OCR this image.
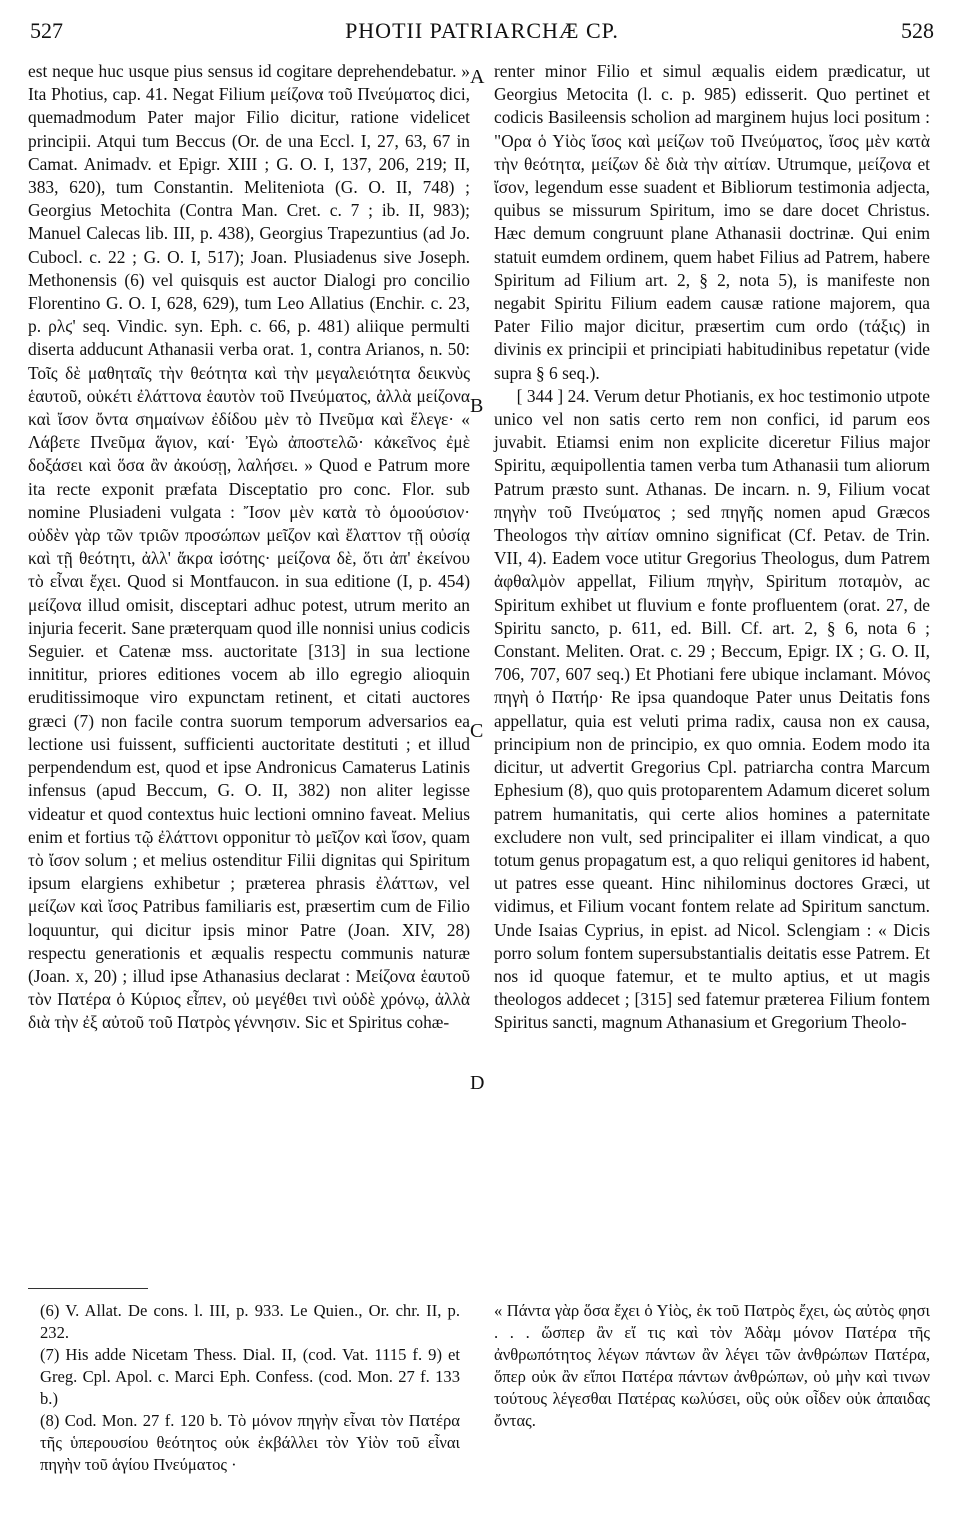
527	PHOTII PATRIARCHÆ CP.	528

est neque huc usque pius sensus id cogitare deprehendebatur. » Ita Photius, cap. 41. Negat Filium μείζονα τοῦ Πνεύματος dici, quemadmodum Pater major Filio dicitur, ratione videlicet principii. Atqui tum Beccus (Or. de una Eccl. I, 27, 63, 67 in Camat. Animadv. et Epigr. XIII ; G. O. I, 137, 206, 219; II, 383, 620), tum Constantin. Meliteniota (G. O. II, 748) ; Georgius Metochita (Contra Man. Cret. c. 7 ; ib. II, 983); Manuel Calecas lib. III, p. 438), Georgius Trapezuntius (ad Jo. Cubocl. c. 22 ; G. O. I, 517); Joan. Plusiadenus sive Joseph. Methonensis (6) vel quisquis est auctor Dialogi pro concilio Florentino G. O. I, 628, 629), tum Leo Allatius (Enchir. c. 23, p. ρλϛ' seq. Vindic. syn. Eph. c. 66, p. 481) aliique permulti diserta adducunt Athanasii verba orat. 1, contra Arianos, n. 50: Τοῖς δὲ μαθηταῖς τὴν θεότητα καὶ τὴν μεγαλειότητα δεικνὺς ἑαυτοῦ, οὐκέτι ἐλάττονα ἑαυτὸν τοῦ Πνεύματος, ἀλλὰ μείζονα καὶ ἴσον ὄντα σημαίνων ἐδίδου μὲν τὸ Πνεῦμα καὶ ἔλεγε· « Λάβετε Πνεῦμα ἅγιον, καί· Ἐγὼ ἀποστελῶ· κἀκεῖνος ἐμὲ δοξάσει καὶ ὅσα ἂν ἀκούσῃ, λαλήσει. » Quod e Patrum more ita recte exponit præfata Disceptatio pro conc. Flor. sub nomine Plusiadeni vulgata : Ἴσον μὲν κατὰ τὸ ὁμοούσιον· οὐδὲν γὰρ τῶν τριῶν προσώπων μεῖζον καὶ ἔλαττον τῇ οὐσίᾳ καὶ τῇ θεότητι, ἀλλ' ἄκρα ἰσότης· μείζονα δὲ, ὅτι ἀπ' ἐκείνου τὸ εἶναι ἔχει. Quod si Montfaucon. in sua editione (I, p. 454) μείζονα illud omisit, disceptari adhuc potest, utrum merito an injuria fecerit. Sane præterquam quod ille nonnisi unius codicis Seguier. et Catenæ mss. auctoritate [313] in sua lectione innititur, priores editiones vocem ab illo egregio alioquin eruditissimoque viro expunctam retinent, et citati auctores græci (7) non facile contra suorum temporum adversarios ea lectione usi fuissent, sufficienti auctoritate destituti ; et illud perpendendum est, quod et ipse Andronicus Camaterus Latinis infensus (apud Beccum, G. O. II, 382) non aliter legisse videatur et quod contextus huic lectioni omnino faveat. Melius enim et fortius τῷ ἐλάττονι opponitur τὸ μεῖζον καὶ ἴσον, quam τὸ ἴσον solum ; et melius ostenditur Filii dignitas qui Spiritum ipsum elargiens exhibetur ; præterea phrasis ἐλάττων, vel μείζων καὶ ἴσος Patribus familiaris est, præsertim cum de Filio loquuntur, qui dicitur ipsis minor Patre (Joan. XIV, 28) respectu generationis et æqualis respectu communis naturæ (Joan. x, 20) ; illud ipse Athanasius declarat : Μείζονα ἑαυτοῦ τὸν Πατέρα ὁ Κύριος εἶπεν, οὐ μεγέθει τινὶ οὐδὲ χρόνῳ, ἀλλὰ διὰ τὴν ἐξ αὐτοῦ τοῦ Πατρὸς γέννησιν. Sic et Spiritus cohæ-

A
B
C
D

renter minor Filio et simul æqualis eidem prædicatur, ut Georgius Metocita (l. c. p. 985) edisserit. Quo pertinet et codicis Basileensis scholion ad marginem hujus loci positum : "Ορα ὁ Υἱὸς ἴσος καὶ μείζων τοῦ Πνεύματος, ἴσος μὲν κατὰ τὴν θεότητα, μείζων δὲ διὰ τὴν αἰτίαν. Utrumque, μείζονα et ἴσον, legendum esse suadent et Bibliorum testimonia adjecta, quibus se missurum Spiritum, imo se dare docet Christus. Hæc demum congruunt plane Athanasii doctrinæ. Qui enim statuit eumdem ordinem, quem habet Filius ad Patrem, habere Spiritum ad Filium art. 2, § 2, nota 5), is manifeste non negabit Spiritu Filium eadem causæ ratione majorem, qua Pater Filio major dicitur, præsertim cum ordo (τάξις) in divinis ex principii et principiati habitudinibus repetatur (vide supra § 6 seq.).

[ 344 ] 24. Verum detur Photianis, ex hoc testimonio utpote unico vel non satis certo rem non confici, id parum eos juvabit. Etiamsi enim non explicite diceretur Filius major Spiritu, æquipollentia tamen verba tum Athanasii tum aliorum Patrum præsto sunt. Athanas. De incarn. n. 9, Filium vocat πηγὴν τοῦ Πνεύματος ; sed πηγῆς nomen apud Græcos Theologos τὴν αἰτίαν omnino significat (Cf. Petav. de Trin. VII, 4). Eadem voce utitur Gregorius Theologus, dum Patrem ἀφθαλμὸν appellat, Filium πηγὴν, Spiritum ποταμὸν, ac Spiritum exhibet ut fluvium e fonte profluentem (orat. 27, de Spiritu sancto, p. 611, ed. Bill. Cf. art. 2, § 6, nota 6 ; Constant. Meliten. Orat. c. 29 ; Beccum, Epigr. IX ; G. O. II, 706, 707, 607 seq.) Et Photiani fere ubique inclamant. Μόνος πηγὴ ὁ Πατήρ· Re ipsa quandoque Pater unus Deitatis fons appellatur, quia est veluti prima radix, causa non ex causa, principium non de principio, ex quo omnia. Eodem modo ita dicitur, ut advertit Gregorius Cpl. patriarcha contra Marcum Ephesium (8), quo quis protoparentem Adamum diceret solum patrem humanitatis, qui certe alios homines a paternitate excludere non vult, sed principaliter ei illam vindicat, a quo totum genus propagatum est, a quo reliqui genitores id habent, ut patres esse queant. Hinc nihilominus doctores Græci, ut vidimus, et Filium vocant fontem relate ad Spiritum sanctum. Unde Isaias Cyprius, in epist. ad Nicol. Sclengiam : « Dicis porro solum fontem supersubstantialis deitatis esse Patrem. Et nos id quoque fatemur, et te multo aptius, et ut magis theologos addecet ; [315] sed fatemur præterea Filium fontem Spiritus sancti, magnum Athanasium et Gregorium Theolo-

(6) V. Allat. De cons. l. III, p. 933. Le Quien., Or. chr. II, p. 232.

(7) His adde Nicetam Thess. Dial. II, (cod. Vat. 1115 f. 9) et Greg. Cpl. Apol. c. Marci Eph. Confess. (cod. Mon. 27 f. 133 b.)

(8) Cod. Mon. 27 f. 120 b. Τὸ μόνον πηγὴν εἶναι τὸν Πατέρα τῆς ὑπερουσίου θεότητος οὐκ ἐκβάλλει τὸν Υἱὸν τοῦ εἶναι πηγὴν τοῦ ἁγίου Πνεύματος ·

« Πάντα γὰρ ὅσα ἔχει ὁ Υἱὸς, ἐκ τοῦ Πατρὸς ἔχει, ὡς αὐτὸς φησι . . . ὥσπερ ἂν εἴ τις καὶ τὸν Ἀδὰμ μόνον Πατέρα τῆς ἀνθρωπότητος λέγων πάντων ἂν λέγει τῶν ἀνθρώπων Πατέρα, ὅπερ οὐκ ἂν εἴποι Πατέρα πάντων ἀνθρώπων, οὐ μὴν καὶ τινων τούτους λέγεσθαι Πατέρας κωλύσει, οὓς οὐκ οἶδεν οὐκ ἀπαιδας ὄντας.
